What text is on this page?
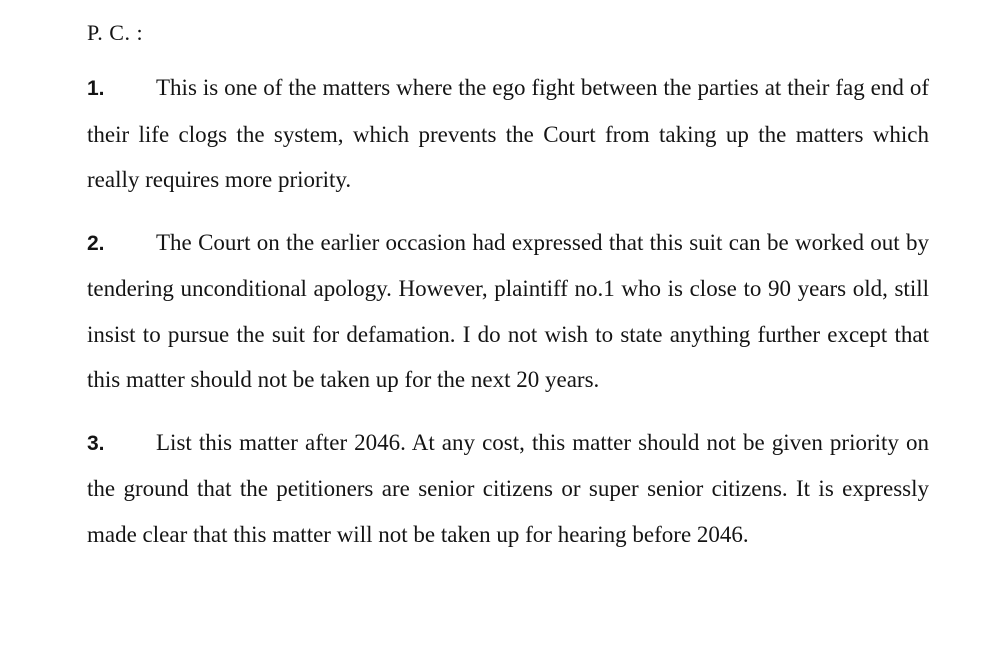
P. C. :

1. This is one of the matters where the ego fight between the parties at their fag end of their life clogs the system, which prevents the Court from taking up the matters which really requires more priority.

2. The Court on the earlier occasion had expressed that this suit can be worked out by tendering unconditional apology. However, plaintiff no.1 who is close to 90 years old, still insist to pursue the suit for defamation. I do not wish to state anything further except that this matter should not be taken up for the next 20 years.

3. List this matter after 2046. At any cost, this matter should not be given priority on the ground that the petitioners are senior citizens or super senior citizens. It is expressly made clear that this matter will not be taken up for hearing before 2046.
